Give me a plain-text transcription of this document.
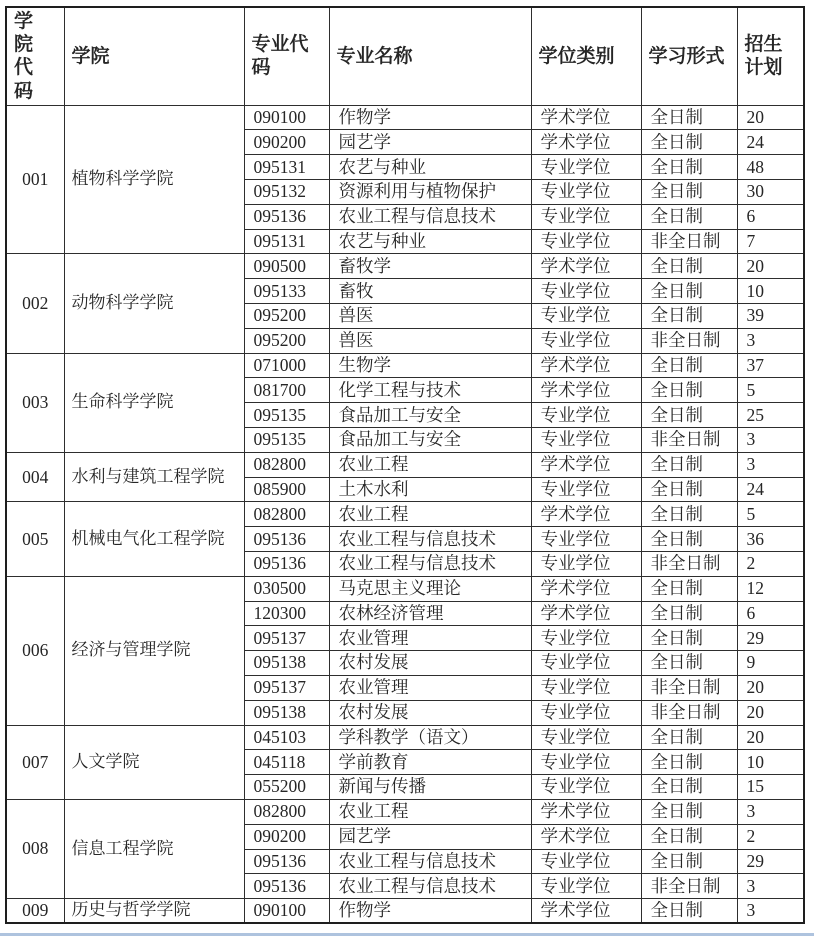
学院代码	学院	专业代码	专业名称	学位类别	学习形式	招生计划
001	植物科学学院	090100	作物学	学术学位	全日制	20
		090200	园艺学	学术学位	全日制	24
		095131	农艺与种业	专业学位	全日制	48
		095132	资源利用与植物保护	专业学位	全日制	30
		095136	农业工程与信息技术	专业学位	全日制	6
		095131	农艺与种业	专业学位	非全日制	7
002	动物科学学院	090500	畜牧学	学术学位	全日制	20
		095133	畜牧	专业学位	全日制	10
		095200	兽医	专业学位	全日制	39
		095200	兽医	专业学位	非全日制	3
003	生命科学学院	071000	生物学	学术学位	全日制	37
		081700	化学工程与技术	学术学位	全日制	5
		095135	食品加工与安全	专业学位	全日制	25
		095135	食品加工与安全	专业学位	非全日制	3
004	水利与建筑工程学院	082800	农业工程	学术学位	全日制	3
		085900	土木水利	专业学位	全日制	24
005	机械电气化工程学院	082800	农业工程	学术学位	全日制	5
		095136	农业工程与信息技术	专业学位	全日制	36
		095136	农业工程与信息技术	专业学位	非全日制	2
006	经济与管理学院	030500	马克思主义理论	学术学位	全日制	12
		120300	农林经济管理	学术学位	全日制	6
		095137	农业管理	专业学位	全日制	29
		095138	农村发展	专业学位	全日制	9
		095137	农业管理	专业学位	非全日制	20
		095138	农村发展	专业学位	非全日制	20
007	人文学院	045103	学科教学（语文）	专业学位	全日制	20
		045118	学前教育	专业学位	全日制	10
		055200	新闻与传播	专业学位	全日制	15
008	信息工程学院	082800	农业工程	学术学位	全日制	3
		090200	园艺学	学术学位	全日制	2
		095136	农业工程与信息技术	专业学位	全日制	29
		095136	农业工程与信息技术	专业学位	非全日制	3
009	历史与哲学学院	090100	作物学	学术学位	全日制	3
